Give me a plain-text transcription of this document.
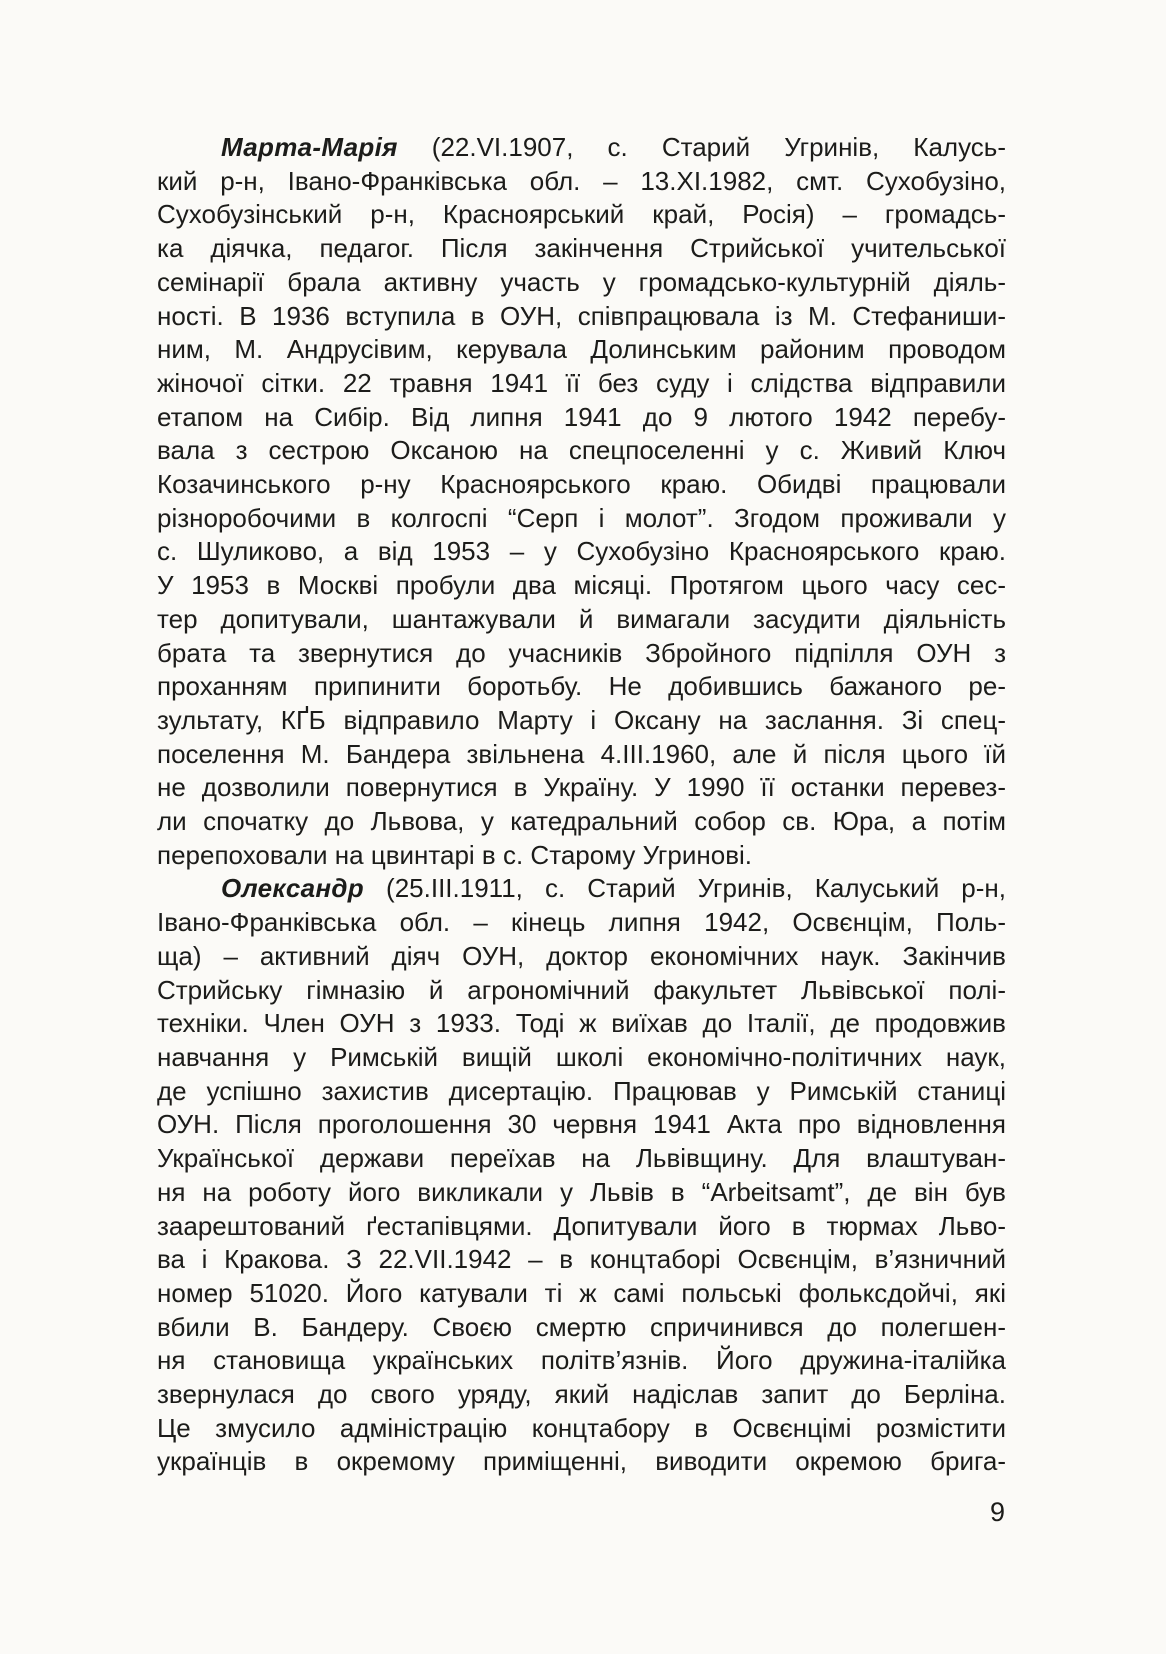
Марта-Марія (22.VI.1907, с. Старий Угринів, Калусь-
кий р-н, Івано-Франківська обл. – 13.XI.1982, смт. Сухобузіно,
Сухобузінський р-н, Красноярський край, Росія) – громадсь-
ка діячка, педагог. Після закінчення Стрийської учительської
семінарії брала активну участь у громадсько-культурній діяль-
ності. В 1936 вступила в ОУН, співпрацювала із М. Стефаниши-
ним, М. Андрусівим, керувала Долинським районим проводом
жіночої сітки. 22 травня 1941 її без суду і слідства відправили
етапом на Сибір. Від липня 1941 до 9 лютого 1942 перебу-
вала з сестрою Оксаною на спецпоселенні у с. Живий Ключ
Козачинського р-ну Красноярського краю. Обидві працювали
різноробочими в колгоспі “Серп і молот”. Згодом проживали у
с. Шуликово, а від 1953 – у Сухобузіно Красноярського краю.
У 1953 в Москві пробули два місяці. Протягом цього часу сес-
тер допитували, шантажували й вимагали засудити діяльність
брата та звернутися до учасників Збройного підпілля ОУН з
проханням припинити боротьбу. Не добившись бажаного ре-
зультату, КҐБ відправило Марту і Оксану на заслання. Зі спец-
поселення М. Бандера звільнена 4.III.1960, але й після цього їй
не дозволили повернутися в Україну. У 1990 її останки перевез-
ли спочатку до Львова, у катедральний собор св. Юра, а потім
перепоховали на цвинтарі в с. Старому Угринові.
Олександр (25.III.1911, с. Старий Угринів, Калуський р-н,
Івано-Франківська обл. – кінець липня 1942, Освєнцім, Поль-
ща) – активний діяч ОУН, доктор економічних наук. Закінчив
Стрийську гімназію й агрономічний факультет Львівської полі-
техніки. Член ОУН з 1933. Тоді ж виїхав до Італії, де продовжив
навчання у Римській вищій школі економічно-політичних наук,
де успішно захистив дисертацію. Працював у Римській станиці
ОУН. Після проголошення 30 червня 1941 Акта про відновлення
Української держави переїхав на Львівщину. Для влаштуван-
ня на роботу його викликали у Львів в “Arbeitsamt”, де він був
заарештований ґестапівцями. Допитували його в тюрмах Льво-
ва і Кракова. З 22.VII.1942 – в концтаборі Освєнцім, в’язничний
номер 51020. Його катували ті ж самі польські фольксдойчі, які
вбили В. Бандеру. Своєю смертю спричинився до полегшен-
ня становища українських політв’язнів. Його дружина-італійка
звернулася до свого уряду, який надіслав запит до Берліна.
Це змусило адміністрацію концтабору в Освєнцімі розмістити
українців в окремому приміщенні, виводити окремою брига-
9
